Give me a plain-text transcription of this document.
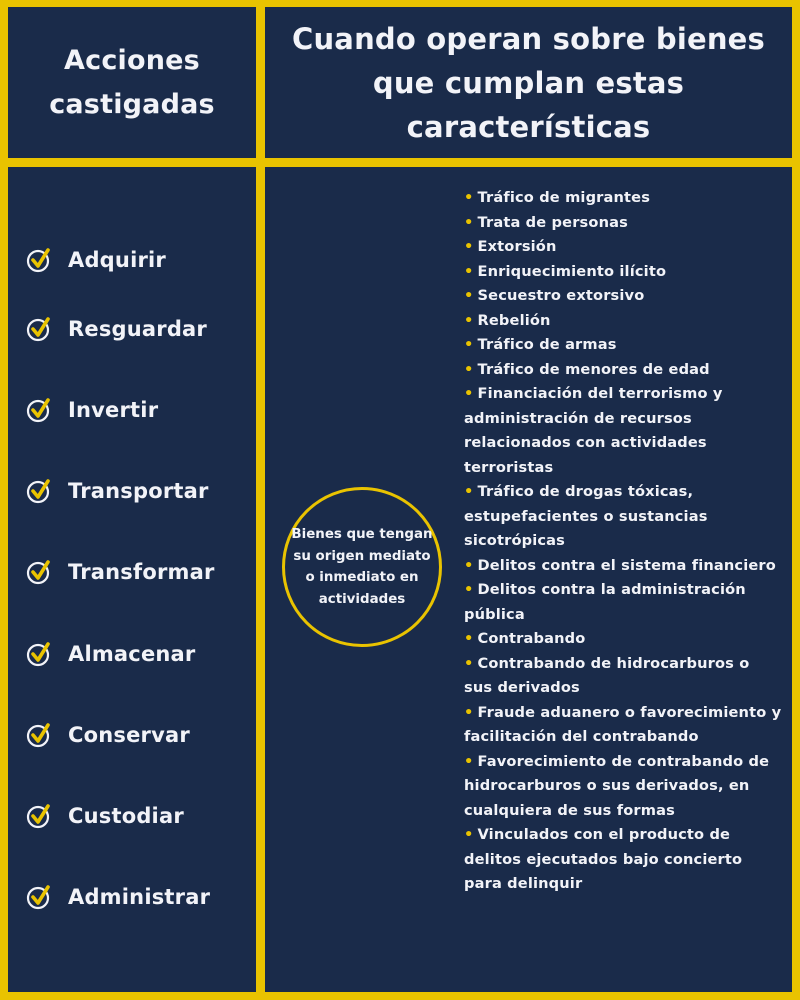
Acciones castigadas
Cuando operan sobre bienes que cumplan estas características
Adquirir
Resguardar
Invertir
Transportar
Transformar
Almacenar
Conservar
Custodiar
Administrar
Bienes que tengan su origen mediato o inmediato en actividades
• Tráfico de migrantes
• Trata de personas
• Extorsión
• Enriquecimiento ilícito
• Secuestro extorsivo
• Rebelión
• Tráfico de armas
• Tráfico de menores de edad
• Financiación del terrorismo y administración de recursos relacionados con actividades terroristas
• Tráfico de drogas tóxicas, estupefacientes o sustancias sicotrópicas
• Delitos contra el sistema financiero
• Delitos contra la administración pública
• Contrabando
• Contrabando de hidrocarburos o sus derivados
• Fraude aduanero o favorecimiento y facilitación del contrabando
• Favorecimiento de contrabando de hidrocarburos o sus derivados, en cualquiera de sus formas
• Vinculados con el producto de delitos ejecutados bajo concierto para delinquir
